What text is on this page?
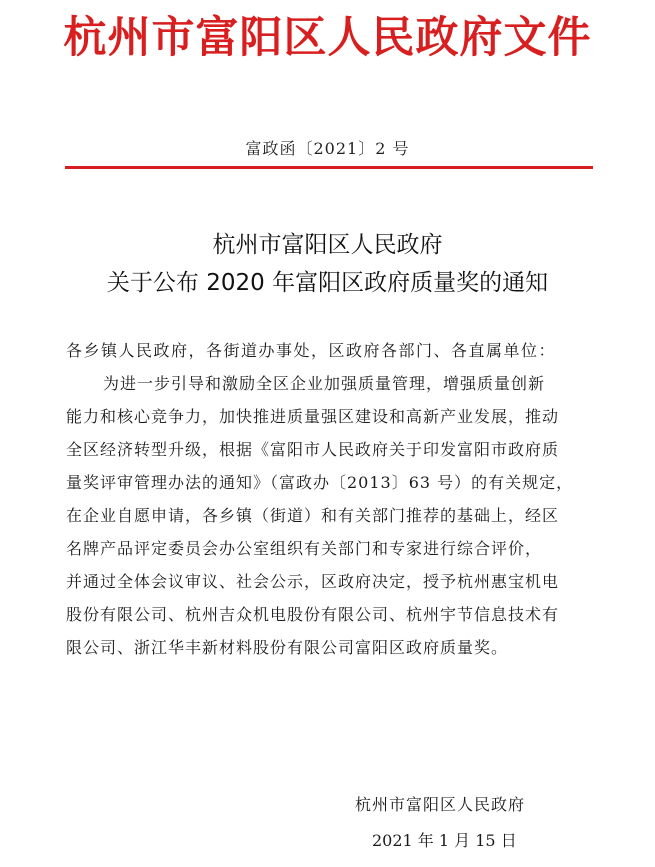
杭州市富阳区人民政府文件
富政函〔2021〕2 号
杭州市富阳区人民政府
关于公布 2020 年富阳区政府质量奖的通知
各乡镇人民政府，各街道办事处，区政府各部门、各直属单位：
为进一步引导和激励全区企业加强质量管理，增强质量创新
能力和核心竞争力，加快推进质量强区建设和高新产业发展，推动
全区经济转型升级，根据《富阳市人民政府关于印发富阳市政府质
量奖评审管理办法的通知》（富政办〔2013〕63 号）的有关规定，
在企业自愿申请，各乡镇（街道）和有关部门推荐的基础上，经区
名牌产品评定委员会办公室组织有关部门和专家进行综合评价，
并通过全体会议审议、社会公示，区政府决定，授予杭州惠宝机电
股份有限公司、杭州吉众机电股份有限公司、杭州宇节信息技术有
限公司、浙江华丰新材料股份有限公司富阳区政府质量奖。
杭州市富阳区人民政府
2021 年 1 月 15 日
